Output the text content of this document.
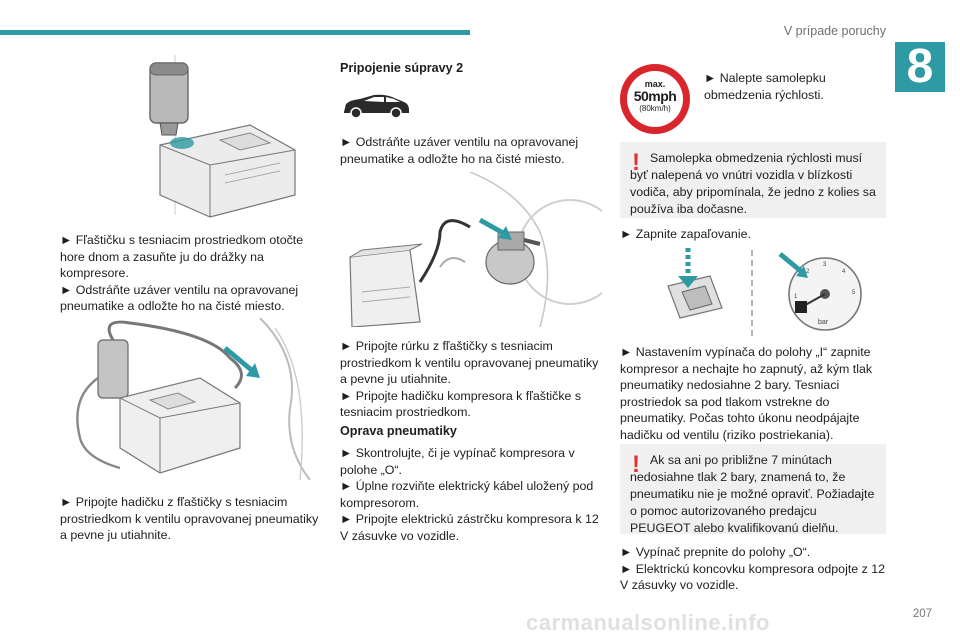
V prípade poruchy
8

► Fľaštičku s tesniacim prostriedkom otočte hore dnom a zasuňte ju do drážky na kompresore.

► Odstráňte uzáver ventilu na opravovanej pneumatike a odložte ho na čisté miesto.

► Pripojte hadičku z fľaštičky s tesniacim prostriedkom k ventilu opravovanej pneumatiky a pevne ju utiahnite.

Pripojenie súpravy 2

► Odstráňte uzáver ventilu na opravovanej pneumatike a odložte ho na čisté miesto.

► Pripojte rúrku z fľaštičky s tesniacim prostriedkom k ventilu opravovanej pneumatiky a pevne ju utiahnite.

► Pripojte hadičku kompresora k fľaštičke s tesniacim prostriedkom.

Oprava pneumatiky

► Skontrolujte, či je vypínač kompresora v polohe „O“.

► Úplne rozviňte elektrický kábel uložený pod kompresorom.

► Pripojte elektrickú zástrčku kompresora k 12 V zásuvke vo vozidle.

max.
50mph
(80km/h)

► Nalepte samolepku obmedzenia rýchlosti.

! Samolepka obmedzenia rýchlosti musí byť nalepená vo vnútri vozidla v blízkosti vodiča, aby pripomínala, že jedno z kolies sa používa iba dočasne.

► Zapnite zapaľovanie.

1
2
3
4
5
bar

► Nastavením vypínača do polohy „I“ zapnite kompresor a nechajte ho zapnutý, až kým tlak pneumatiky nedosiahne 2 bary. Tesniaci prostriedok sa pod tlakom vstrekne do pneumatiky. Počas tohto úkonu neodpájajte hadičku od ventilu (riziko postriekania).

! Ak sa ani po približne 7 minútach nedosiahne tlak 2 bary, znamená to, že pneumatiku nie je možné opraviť. Požiadajte o pomoc autorizovaného predajcu PEUGEOT alebo kvalifikovanú dielňu.

► Vypínač prepnite do polohy „O“.

► Elektrickú koncovku kompresora odpojte z 12 V zásuvky vo vozidle.

carmanualsonline.info	207
